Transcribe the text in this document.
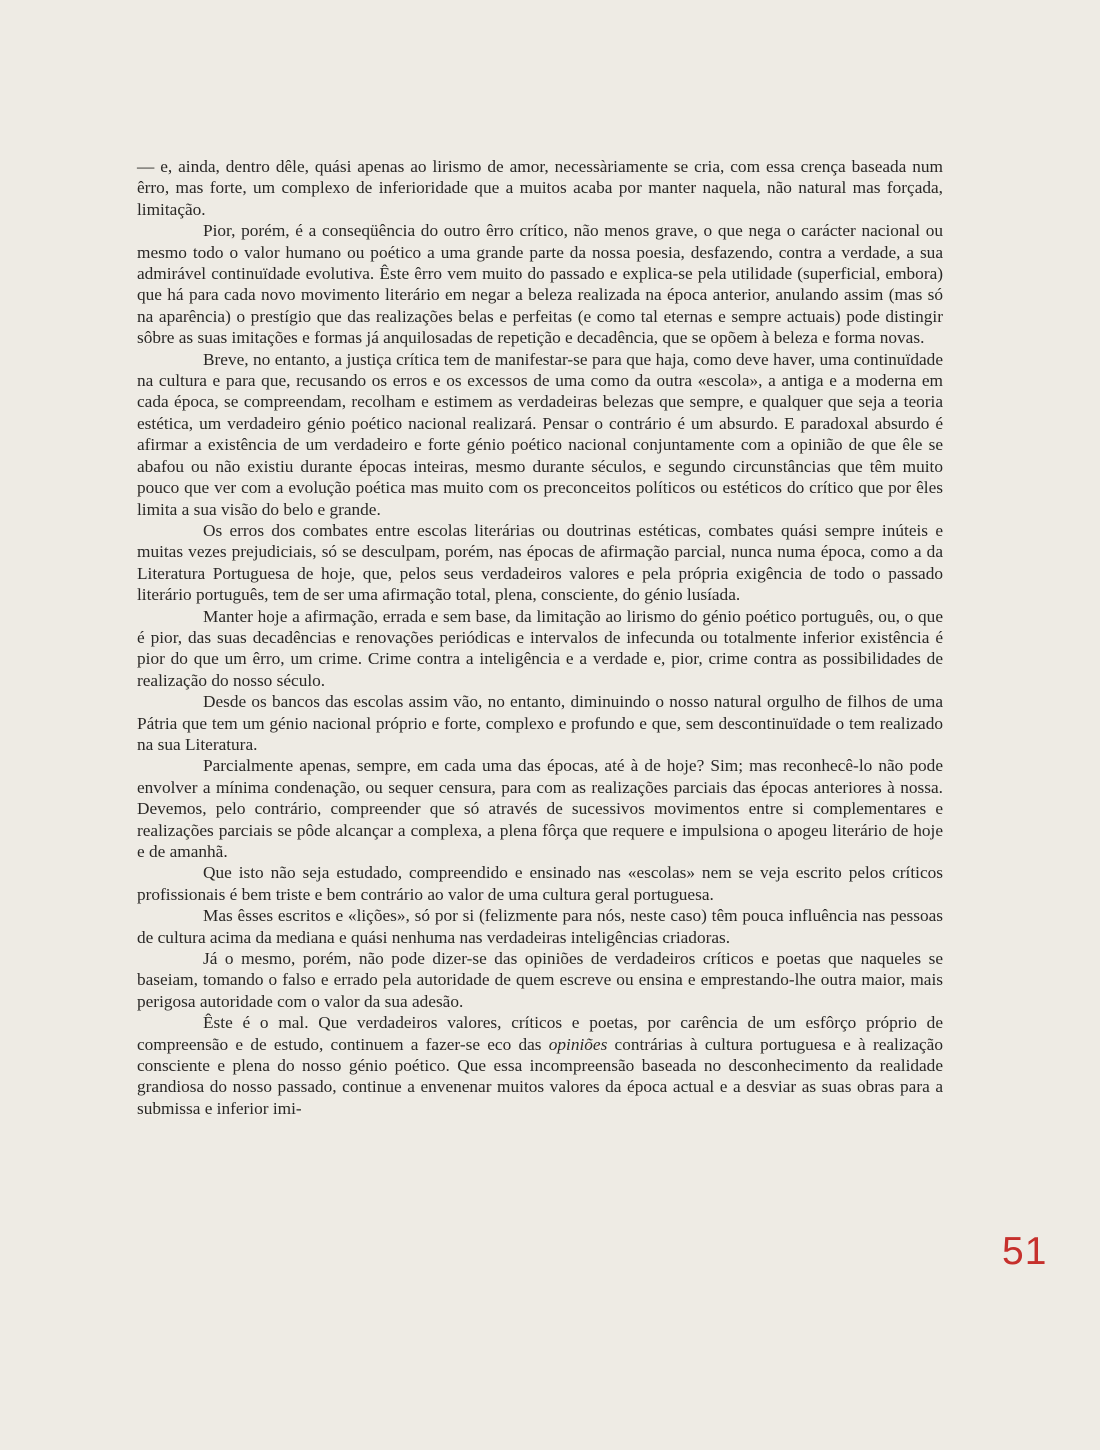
— e, ainda, dentro dêle, quási apenas ao lirismo de amor, necessàriamente se cria, com essa crença baseada num êrro, mas forte, um complexo de inferioridade que a muitos acaba por manter naquela, não natural mas forçada, limitação.

Pior, porém, é a conseqüência do outro êrro crítico, não menos grave, o que nega o carácter nacional ou mesmo todo o valor humano ou poético a uma grande parte da nossa poesia, desfazendo, contra a verdade, a sua admirável continuïdade evolutiva. Êste êrro vem muito do passado e explica-se pela utilidade (superficial, embora) que há para cada novo movimento literário em negar a beleza realizada na época anterior, anulando assim (mas só na aparência) o prestígio que das realizações belas e perfeitas (e como tal eternas e sempre actuais) pode distingir sôbre as suas imitações e formas já anquilosadas de repetição e decadência, que se opõem à beleza e forma novas.

Breve, no entanto, a justiça crítica tem de manifestar-se para que haja, como deve haver, uma continuïdade na cultura e para que, recusando os erros e os excessos de uma como da outra «escola», a antiga e a moderna em cada época, se compreendam, recolham e estimem as verdadeiras belezas que sempre, e qualquer que seja a teoria estética, um verdadeiro génio poético nacional realizará. Pensar o contrário é um absurdo. E paradoxal absurdo é afirmar a existência de um verdadeiro e forte génio poético nacional conjuntamente com a opinião de que êle se abafou ou não existiu durante épocas inteiras, mesmo durante séculos, e segundo circunstâncias que têm muito pouco que ver com a evolução poética mas muito com os preconceitos políticos ou estéticos do crítico que por êles limita a sua visão do belo e grande.

Os erros dos combates entre escolas literárias ou doutrinas estéticas, combates quási sempre inúteis e muitas vezes prejudiciais, só se desculpam, porém, nas épocas de afirmação parcial, nunca numa época, como a da Literatura Portuguesa de hoje, que, pelos seus verdadeiros valores e pela própria exigência de todo o passado literário português, tem de ser uma afirmação total, plena, consciente, do génio lusíada.

Manter hoje a afirmação, errada e sem base, da limitação ao lirismo do génio poético português, ou, o que é pior, das suas decadências e renovações periódicas e intervalos de infecunda ou totalmente inferior existência é pior do que um êrro, um crime. Crime contra a inteligência e a verdade e, pior, crime contra as possibilidades de realização do nosso século.

Desde os bancos das escolas assim vão, no entanto, diminuindo o nosso natural orgulho de filhos de uma Pátria que tem um génio nacional próprio e forte, complexo e profundo e que, sem descontinuïdade o tem realizado na sua Literatura.

Parcialmente apenas, sempre, em cada uma das épocas, até à de hoje? Sim; mas reconhecê-lo não pode envolver a mínima condenação, ou sequer censura, para com as realizações parciais das épocas anteriores à nossa. Devemos, pelo contrário, compreender que só através de sucessivos movimentos entre si complementares e realizações parciais se pôde alcançar a complexa, a plena fôrça que requere e impulsiona o apogeu literário de hoje e de amanhã.

Que isto não seja estudado, compreendido e ensinado nas «escolas» nem se veja escrito pelos críticos profissionais é bem triste e bem contrário ao valor de uma cultura geral portuguesa.

Mas êsses escritos e «lições», só por si (felizmente para nós, neste caso) têm pouca influência nas pessoas de cultura acima da mediana e quási nenhuma nas verdadeiras inteligências criadoras.

Já o mesmo, porém, não pode dizer-se das opiniões de verdadeiros críticos e poetas que naqueles se baseiam, tomando o falso e errado pela autoridade de quem escreve ou ensina e emprestando-lhe outra maior, mais perigosa autoridade com o valor da sua adesão.

Êste é o mal. Que verdadeiros valores, críticos e poetas, por carência de um esfôrço próprio de compreensão e de estudo, continuem a fazer-se eco das opiniões contrárias à cultura portuguesa e à realização consciente e plena do nosso génio poético. Que essa incompreensão baseada no desconhecimento da realidade grandiosa do nosso passado, continue a envenenar muitos valores da época actual e a desviar as suas obras para a submissa e inferior imi-

51
